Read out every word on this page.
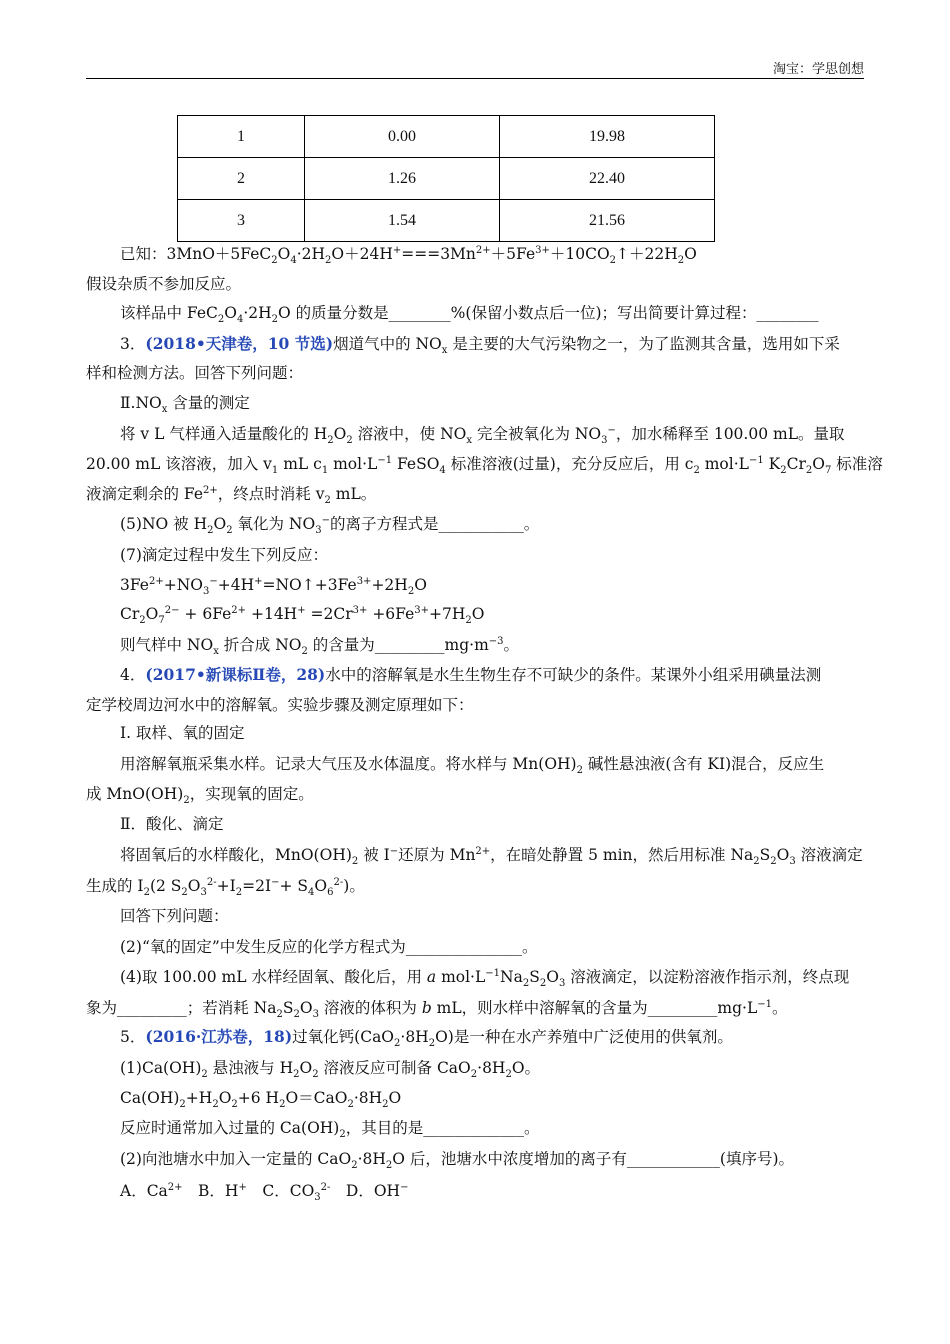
淘宝：学思创想
1	0.00	19.98
2	1.26	22.40
3	1.54	21.56
已知：$3MnO+5FeC_2O_4\cdot 2H_2O+24H^+===3Mn^{2+}+5Fe^{3+}+10CO_2↑+22H_2O$
假设杂质不参加反应。
该样品中 $FeC_2O_4\cdot 2H_2O$ 的质量分数是________%(保留小数点后一位)；写出简要计算过程：________
3．(2018•天津卷，10 节选)烟道气中的 $NO_x$ 是主要的大气污染物之一，为了监测其含量，选用如下采
样和检测方法。回答下列问题：
$Ⅱ.NO_x$ 含量的测定
将 v L 气样通入适量酸化的 $H_2O_2$ 溶液中，使 $NO_x$ 完全被氧化为 $NO_3^-$，加水稀释至 100.00 mL。量取
20.00 mL 该溶液，加入 $v_1$ mL $c_1$ $mol\cdot L^{-1}$ FeSO$_4$ 标准溶液(过量)，充分反应后，用 $c_2$ $mol\cdot L^{-1}$ $K_2Cr_2O_7$ 标准溶
液滴定剩余的 $Fe^{2+}$，终点时消耗 $v_2$ mL。
(5)NO 被 $H_2O_2$ 氧化为 $NO_3^-$的离子方程式是___________。
(7)滴定过程中发生下列反应：
$3Fe^{2+}+NO_3^-+4H^+=NO↑+3Fe^{3+}+2H_2O$
$Cr_2O_7^{2-} + 6Fe^{2+} +14H^+ =2Cr^{3+} +6Fe^{3+}+7H_2O$
则气样中 $NO_x$ 折合成 $NO_2$ 的含量为$\_\_\_\_\_\_\_\_\_mg\cdot m^{-3}$。
4．(2017•新课标Ⅱ卷，28)水中的溶解氧是水生生物生存不可缺少的条件。某课外小组采用碘量法测
定学校周边河水中的溶解氧。实验步骤及测定原理如下：
Ⅰ. 取样、氧的固定
用溶解氧瓶采集水样。记录大气压及水体温度。将水样与 $Mn(OH)_2$ 碱性悬浊液(含有 KI)混合，反应生
成 $MnO(OH)_2$，实现氧的固定。
Ⅱ．酸化、滴定
将固氧后的水样酸化，$MnO(OH)_2$ 被 I−还原为 $Mn^{2+}$，在暗处静置 5 min，然后用标准 $Na_2S_2O_3$ 溶液滴定
生成的 $I_2(2$ $S_2O_3^{2-}+I_2=2I^-+ S_4O_6^{2-}$)。
回答下列问题：
(2)“氧的固定”中发生反应的化学方程式为_______________。
(4)取 100.00 mL 水样经固氧、酸化后，用 a $mol\cdot L^{-1}Na_2S_2O_3$ 溶液滴定，以淀粉溶液作指示剂，终点现
象为_________；若消耗 $Na_2S_2O_3$ 溶液的体积为 b mL，则水样中溶解氧的含量为$\_\_\_\_\_\_\_\_\_mg\cdot L^{-1}$。
5．(2016·江苏卷，18)过氧化钙$(CaO_2\cdot 8H_2O)$是一种在水产养殖中广泛使用的供氧剂。
$(1)Ca(OH)_2$ 悬浊液与 $H_2O_2$ 溶液反应可制备 $CaO_2\cdot 8H_2O$。
$Ca(OH)_2+H_2O_2+6$ $H_2O=CaO_2\cdot 8H_2O$
反应时通常加入过量的 $Ca(OH)_2$，其目的是_____________。
(2)向池塘水中加入一定量的 $CaO_2\cdot 8H_2O$ 后，池塘水中浓度增加的离子有____________(填序号)。
A．$Ca^{2+}$　B．H+　C．$CO_3^{2-}$　D．OH−
